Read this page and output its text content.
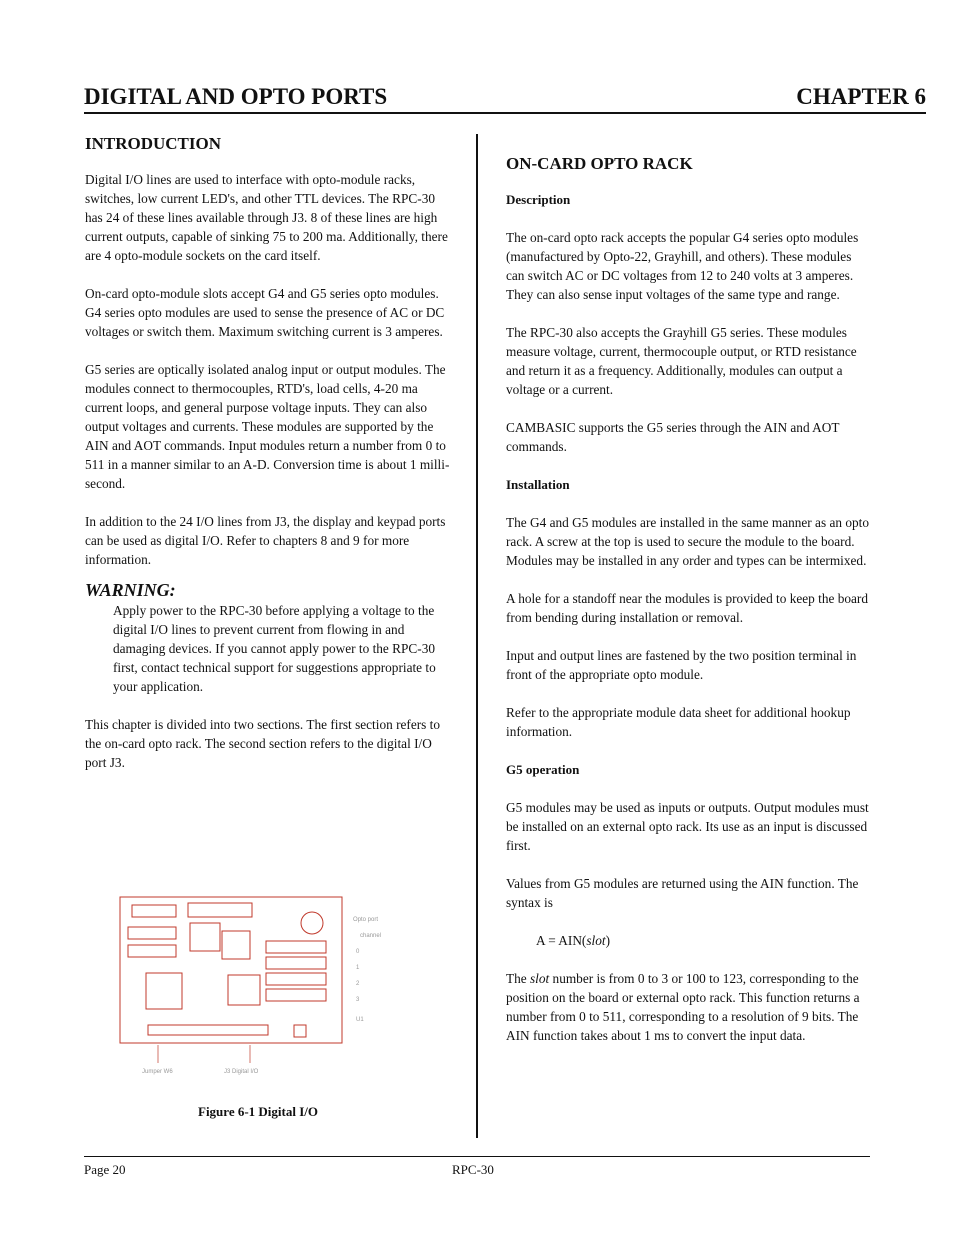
DIGITAL AND OPTO PORTS	CHAPTER 6
INTRODUCTION

Digital I/O lines are used to interface with opto-module racks, switches, low current LED's, and other TTL devices. The RPC-30 has 24 of these lines available through J3. 8 of these lines are high current outputs, capable of sinking 75 to 200 ma. Additionally, there are 4 opto-module sockets on the card itself.

On-card opto-module slots accept G4 and G5 series opto modules. G4 series opto modules are used to sense the presence of AC or DC voltages or switch them. Maximum switching current is 3 amperes.

G5 series are optically isolated analog input or output modules. The modules connect to thermocouples, RTD's, load cells, 4-20 ma current loops, and general purpose voltage inputs. They can also output voltages and currents. These modules are supported by the AIN and AOT commands. Input modules return a number from 0 to 511 in a manner similar to an A-D. Conversion time is about 1 milli-second.

In addition to the 24 I/O lines from J3, the display and keypad ports can be used as digital I/O. Refer to chapters 8 and 9 for more information.

WARNING:

Apply power to the RPC-30 before applying a voltage to the digital I/O lines to prevent current from flowing in and damaging devices. If you cannot apply power to the RPC-30 first, contact technical support for suggestions appropriate to your application.

This chapter is divided into two sections. The first section refers to the on-card opto rack. The second section refers to the digital I/O port J3.

Opto port
channel
0
1
2
3
U1
Jumper W6	J3 Digital I/O
Figure 6-1 Digital I/O
ON-CARD OPTO RACK
Description

The on-card opto rack accepts the popular G4 series opto modules (manufactured by Opto-22, Grayhill, and others). These modules can switch AC or DC voltages from 12 to 240 volts at 3 amperes. They can also sense input voltages of the same type and range.

The RPC-30 also accepts the Grayhill G5 series. These modules measure voltage, current, thermocouple output, or RTD resistance and return it as a frequency. Additionally, modules can output a voltage or a current.

CAMBASIC supports the G5 series through the AIN and AOT commands.

Installation

The G4 and G5 modules are installed in the same manner as an opto rack. A screw at the top is used to secure the module to the board. Modules may be installed in any order and types can be intermixed.

A hole for a standoff near the modules is provided to keep the board from bending during installation or removal.

Input and output lines are fastened by the two position terminal in front of the appropriate opto module.

Refer to the appropriate module data sheet for additional hookup information.

G5 operation

G5 modules may be used as inputs or outputs. Output modules must be installed on an external opto rack. Its use as an input is discussed first.

Values from G5 modules are returned using the AIN function. The syntax is

A = AIN(slot)

The slot number is from 0 to 3 or 100 to 123, corresponding to the position on the board or external opto rack. This function returns a number from 0 to 511, corresponding to a resolution of 9 bits. The AIN function takes about 1 ms to convert the input data.

Page 20	RPC-30
